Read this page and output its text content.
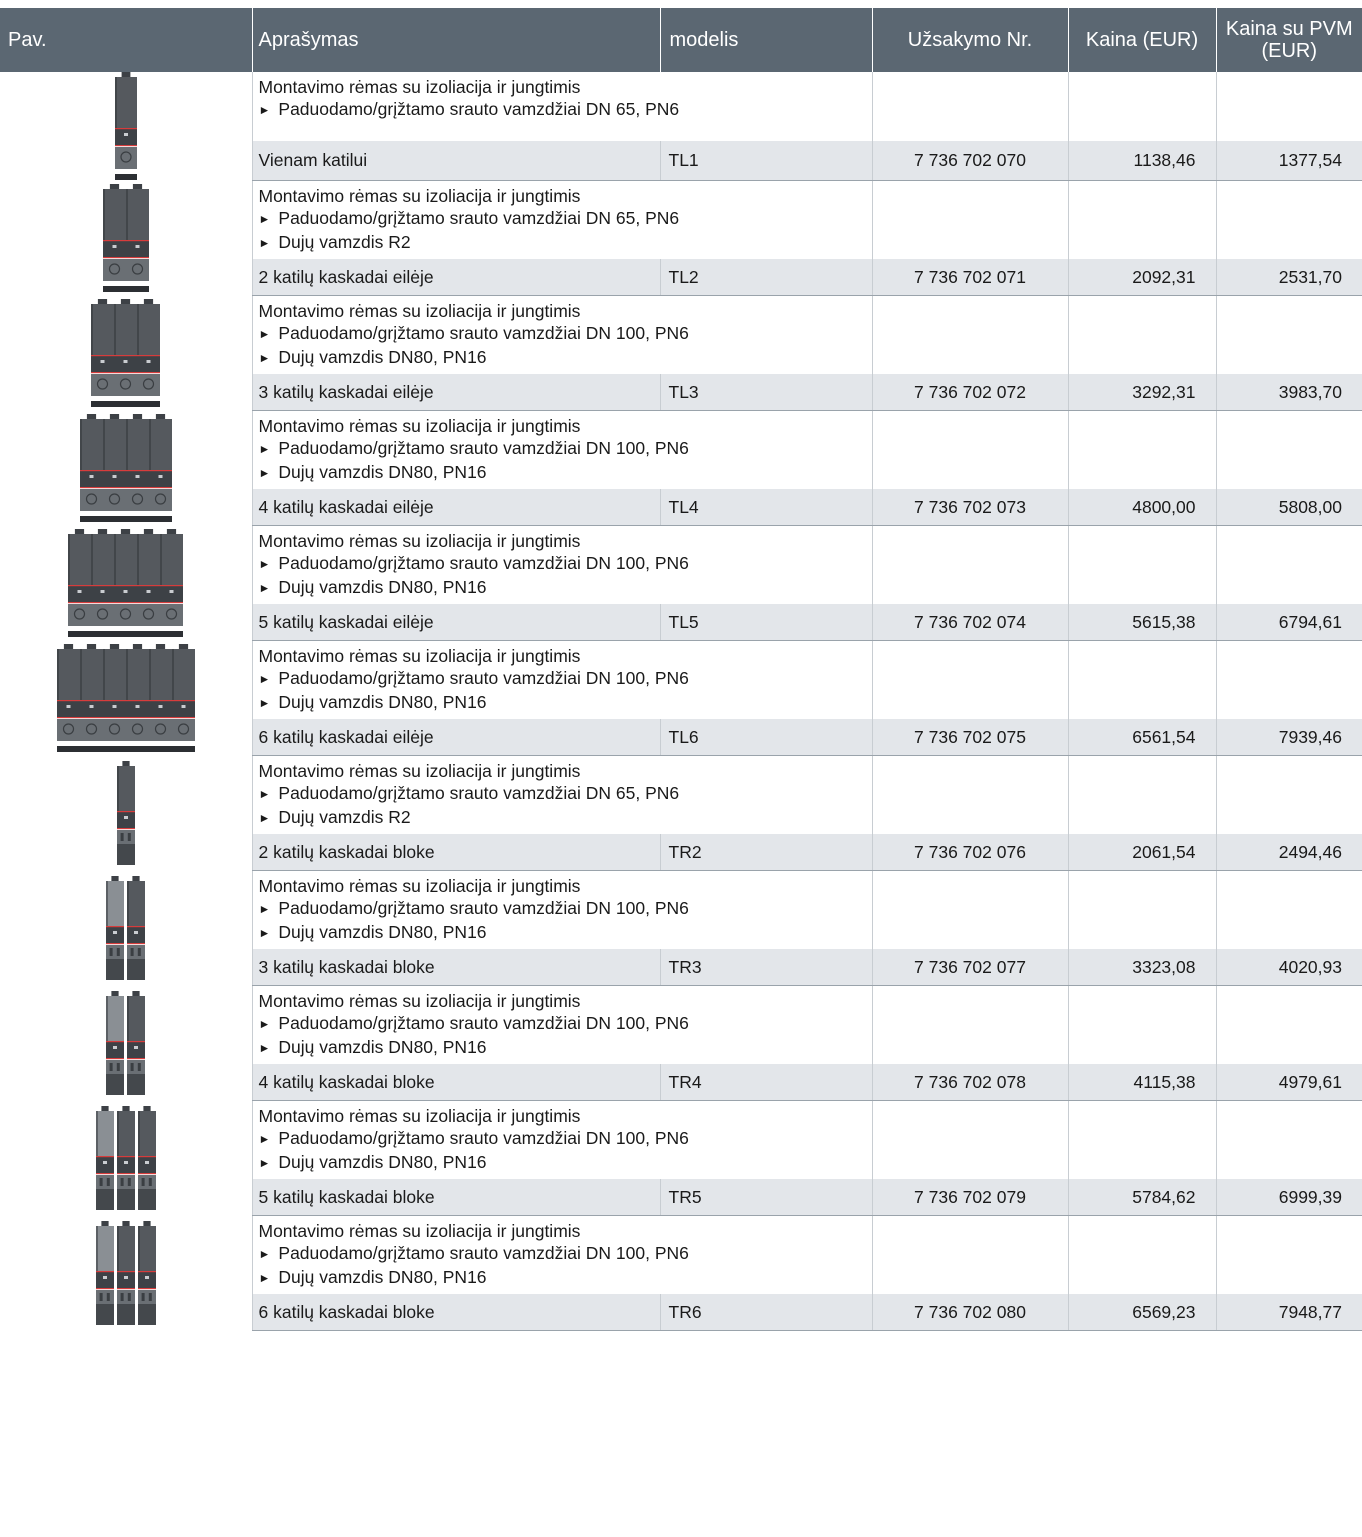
Pav.	Aprašymas	modelis	Užsakymo Nr.	Kaina (EUR)	Kaina su PVM (EUR)

Montavimo rėmas su izoliacija ir jungtimis
► Paduodamo/grįžtamo srauto vamzdžiai DN 65, PN6

	Vienam katilui	TL1	7 736 702 070	1138,46	1377,54

Montavimo rėmas su izoliacija ir jungtimis
► Paduodamo/grįžtamo srauto vamzdžiai DN 65, PN6
► Dujų vamzdis R2

	2 katilų kaskadai eilėje	TL2	7 736 702 071	2092,31	2531,70

Montavimo rėmas su izoliacija ir jungtimis
► Paduodamo/grįžtamo srauto vamzdžiai DN 100, PN6
► Dujų vamzdis DN80, PN16

	3 katilų kaskadai eilėje	TL3	7 736 702 072	3292,31	3983,70

Montavimo rėmas su izoliacija ir jungtimis
► Paduodamo/grįžtamo srauto vamzdžiai DN 100, PN6
► Dujų vamzdis DN80, PN16

	4 katilų kaskadai eilėje	TL4	7 736 702 073	4800,00	5808,00

Montavimo rėmas su izoliacija ir jungtimis
► Paduodamo/grįžtamo srauto vamzdžiai DN 100, PN6
► Dujų vamzdis DN80, PN16

	5 katilų kaskadai eilėje	TL5	7 736 702 074	5615,38	6794,61

Montavimo rėmas su izoliacija ir jungtimis
► Paduodamo/grįžtamo srauto vamzdžiai DN 100, PN6
► Dujų vamzdis DN80, PN16

	6 katilų kaskadai eilėje	TL6	7 736 702 075	6561,54	7939,46

Montavimo rėmas su izoliacija ir jungtimis
► Paduodamo/grįžtamo srauto vamzdžiai DN 65, PN6
► Dujų vamzdis R2

	2 katilų kaskadai bloke	TR2	7 736 702 076	2061,54	2494,46

Montavimo rėmas su izoliacija ir jungtimis
► Paduodamo/grįžtamo srauto vamzdžiai DN 100, PN6
► Dujų vamzdis DN80, PN16

	3 katilų kaskadai bloke	TR3	7 736 702 077	3323,08	4020,93

Montavimo rėmas su izoliacija ir jungtimis
► Paduodamo/grįžtamo srauto vamzdžiai DN 100, PN6
► Dujų vamzdis DN80, PN16

	4 katilų kaskadai bloke	TR4	7 736 702 078	4115,38	4979,61

Montavimo rėmas su izoliacija ir jungtimis
► Paduodamo/grįžtamo srauto vamzdžiai DN 100, PN6
► Dujų vamzdis DN80, PN16

	5 katilų kaskadai bloke	TR5	7 736 702 079	5784,62	6999,39

Montavimo rėmas su izoliacija ir jungtimis
► Paduodamo/grįžtamo srauto vamzdžiai DN 100, PN6
► Dujų vamzdis DN80, PN16

	6 katilų kaskadai bloke	TR6	7 736 702 080	6569,23	7948,77
